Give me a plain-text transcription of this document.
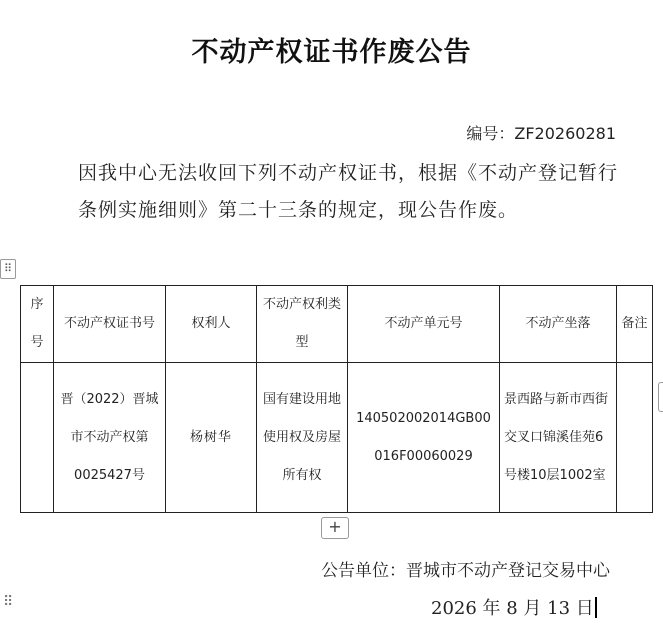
不动产权证书作废公告
编号：ZF20260281
因我中心无法收回下列不动产权证书，根据《不动产登记暂行条例实施细则》第二十三条的规定，现公告作废。
⠿
序号	不动产权证书号	权利人	不动产权利类型	不动产单元号	不动产坐落	备注
	晋（2022）晋城市不动产权第0025427号	杨树华	国有建设用地使用权及房屋所有权	140502002014GB00016F00060029	景西路与新市西街交叉口锦溪佳苑6号楼10层1002室	
+
公告单位：晋城市不动产登记交易中心
⠿	2026 年 8 月 13 日
